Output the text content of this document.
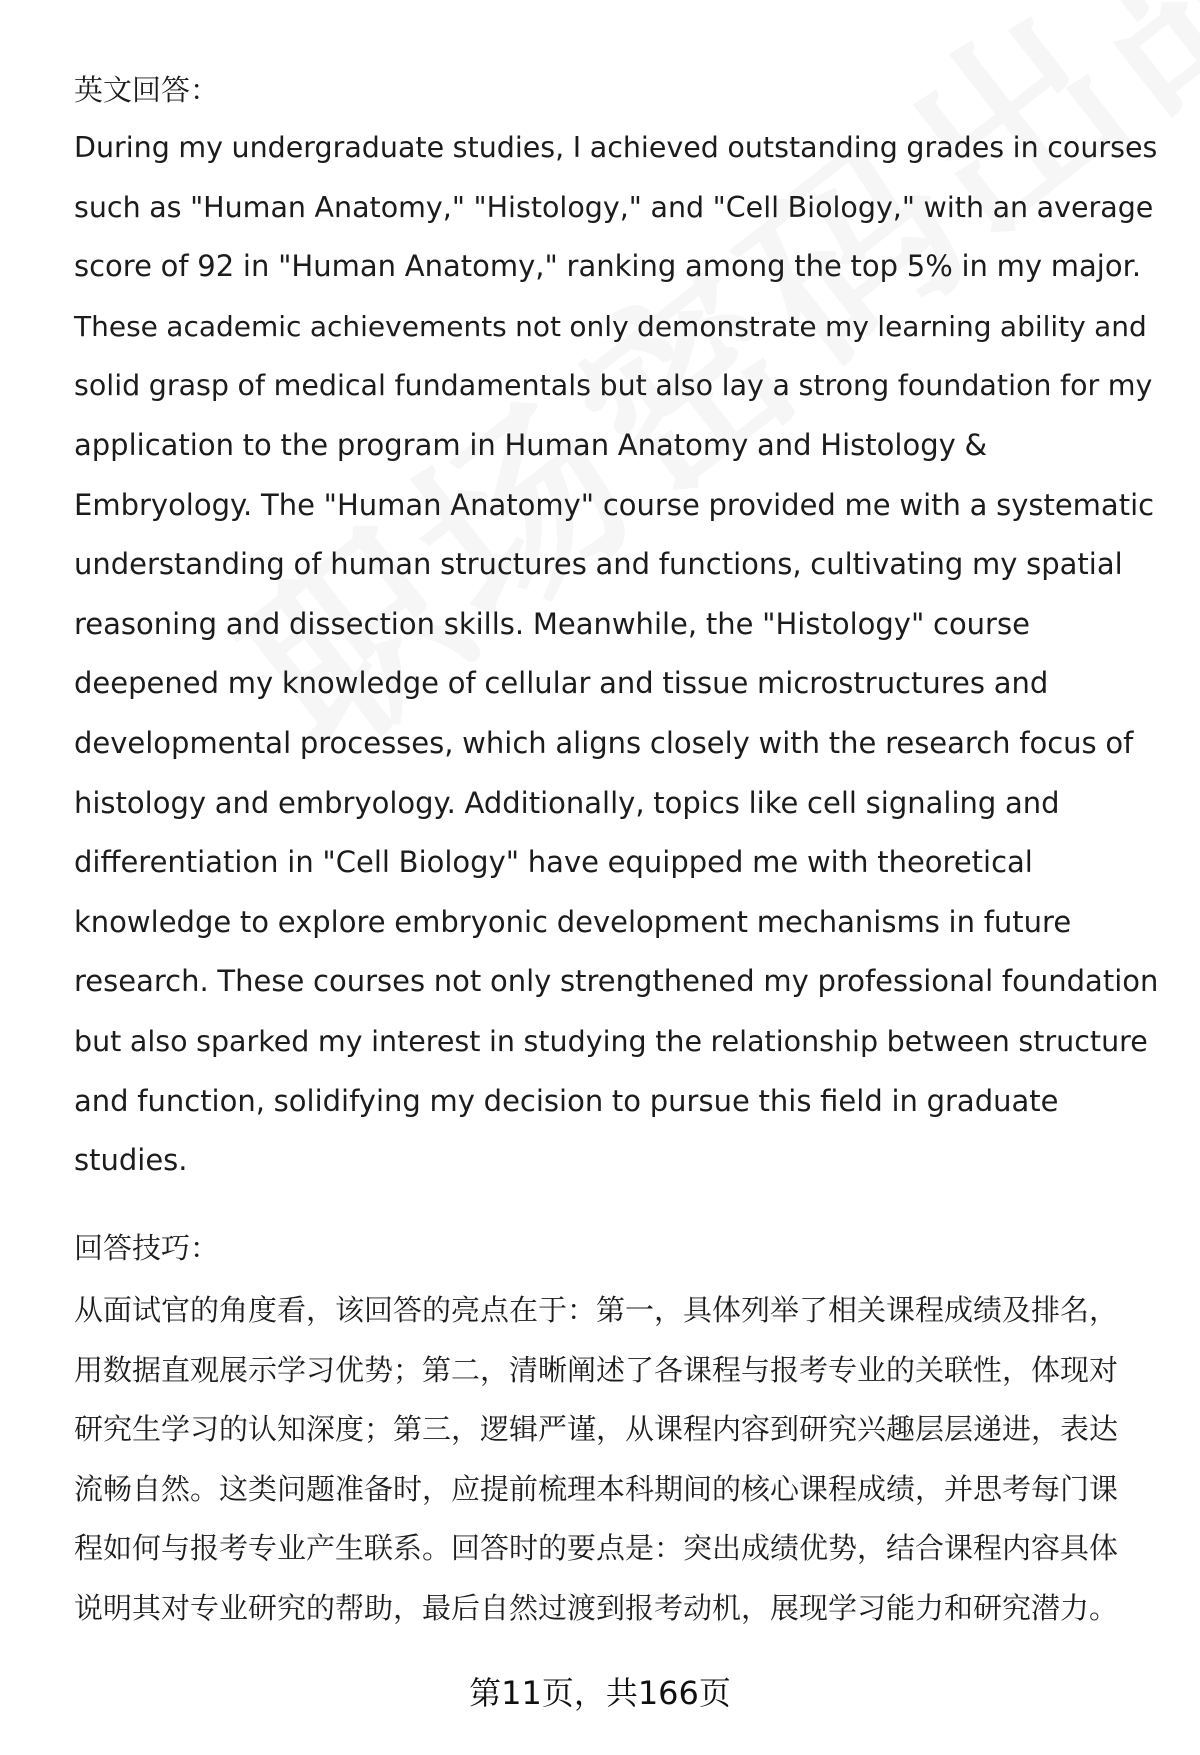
英文回答：

During my undergraduate studies, I achieved outstanding grades in courses
such as "Human Anatomy," "Histology," and "Cell Biology," with an average
score of 92 in "Human Anatomy," ranking among the top 5% in my major.
These academic achievements not only demonstrate my learning ability and
solid grasp of medical fundamentals but also lay a strong foundation for my
application to the program in Human Anatomy and Histology &
Embryology. The "Human Anatomy" course provided me with a systematic
understanding of human structures and functions, cultivating my spatial
reasoning and dissection skills. Meanwhile, the "Histology" course
deepened my knowledge of cellular and tissue microstructures and
developmental processes, which aligns closely with the research focus of
histology and embryology. Additionally, topics like cell signaling and
differentiation in "Cell Biology" have equipped me with theoretical
knowledge to explore embryonic development mechanisms in future
research. These courses not only strengthened my professional foundation
but also sparked my interest in studying the relationship between structure
and function, solidifying my decision to pursue this field in graduate
studies.

回答技巧：

从面试官的角度看，该回答的亮点在于：第一，具体列举了相关课程成绩及排名，
用数据直观展示学习优势；第二，清晰阐述了各课程与报考专业的关联性，体现对
研究生学习的认知深度；第三，逻辑严谨，从课程内容到研究兴趣层层递进，表达
流畅自然。这类问题准备时，应提前梳理本科期间的核心课程成绩，并思考每门课
程如何与报考专业产生联系。回答时的要点是：突出成绩优势，结合课程内容具体
说明其对专业研究的帮助，最后自然过渡到报考动机，展现学习能力和研究潜力。

第11页，共166页
